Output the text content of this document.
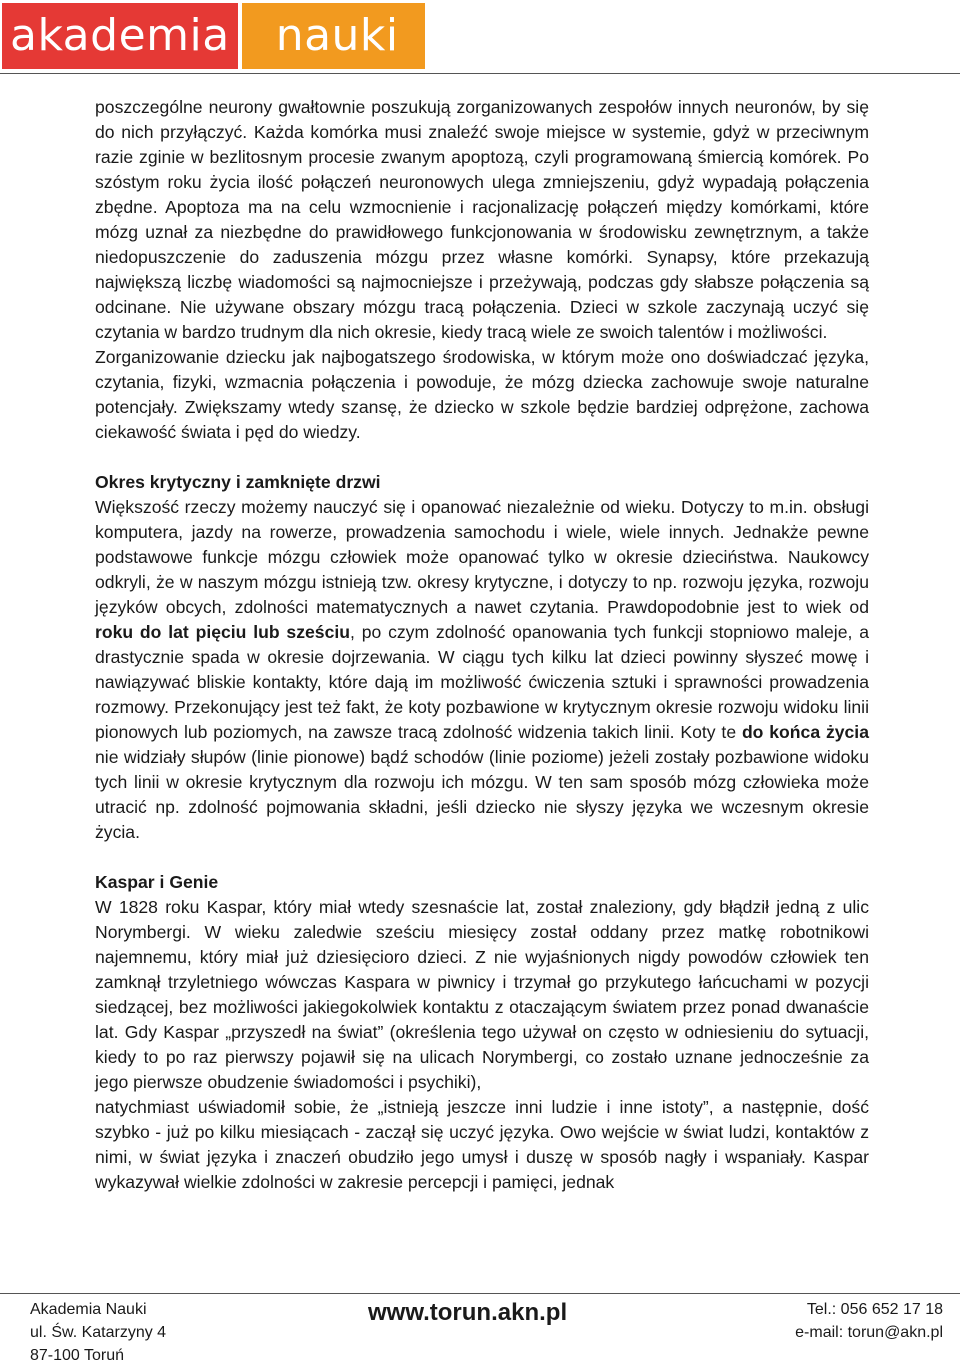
akademia	nauki

poszczególne neurony gwałtownie poszukują zorganizowanych zespołów innych neuronów, by się do nich przyłączyć. Każda komórka musi znaleźć swoje miejsce w systemie, gdyż w przeciwnym razie zginie w bezlitosnym procesie zwanym apoptozą, czyli programowaną śmiercią komórek. Po szóstym roku życia ilość połączeń neuronowych ulega zmniejszeniu, gdyż wypadają połączenia zbędne. Apoptoza ma na celu wzmocnienie i racjonalizację połączeń między komórkami, które mózg uznał za niezbędne do prawidłowego funkcjonowania w środowisku zewnętrznym, a także niedopuszczenie do zaduszenia mózgu przez własne komórki. Synapsy, które przekazują największą liczbę wiadomości są najmocniejsze i przeżywają, podczas gdy słabsze połączenia są odcinane. Nie używane obszary mózgu tracą połączenia. Dzieci w szkole zaczynają uczyć się czytania w bardzo trudnym dla nich okresie, kiedy tracą wiele ze swoich talentów i możliwości.

Zorganizowanie dziecku jak najbogatszego środowiska, w którym może ono doświadczać języka, czytania, fizyki, wzmacnia połączenia i powoduje, że mózg dziecka zachowuje swoje naturalne potencjały. Zwiększamy wtedy szansę, że dziecko w szkole będzie bardziej odprężone, zachowa ciekawość świata i pęd do wiedzy.

Okres krytyczny i zamknięte drzwi

Większość rzeczy możemy nauczyć się i opanować niezależnie od wieku. Dotyczy to m.in. obsługi komputera, jazdy na rowerze, prowadzenia samochodu i wiele, wiele innych. Jednakże pewne podstawowe funkcje mózgu człowiek może opanować tylko w okresie dzieciństwa. Naukowcy odkryli, że w naszym mózgu istnieją tzw. okresy krytyczne, i dotyczy to np. rozwoju języka, rozwoju języków obcych, zdolności matematycznych a nawet czytania. Prawdopodobnie jest to wiek od roku do lat pięciu lub sześciu, po czym zdolność opanowania tych funkcji stopniowo maleje, a drastycznie spada w okresie dojrzewania. W ciągu tych kilku lat dzieci powinny słyszeć mowę i nawiązywać bliskie kontakty, które dają im możliwość ćwiczenia sztuki i sprawności prowadzenia rozmowy. Przekonujący jest też fakt, że koty pozbawione w krytycznym okresie rozwoju widoku linii pionowych lub poziomych, na zawsze tracą zdolność widzenia takich linii. Koty te do końca życia nie widziały słupów (linie pionowe) bądź schodów (linie poziome) jeżeli zostały pozbawione widoku tych linii w okresie krytycznym dla rozwoju ich mózgu. W ten sam sposób mózg człowieka może utracić np. zdolność pojmowania składni, jeśli dziecko nie słyszy języka we wczesnym okresie życia.

Kaspar i Genie

W 1828 roku Kaspar, który miał wtedy szesnaście lat, został znaleziony, gdy błądził jedną z ulic Norymbergi. W wieku zaledwie sześciu miesięcy został oddany przez matkę robotnikowi najemnemu, który miał już dziesięcioro dzieci. Z nie wyjaśnionych nigdy powodów człowiek ten zamknął trzyletniego wówczas Kaspara w piwnicy i trzymał go przykutego łańcuchami w pozycji siedzącej, bez możliwości jakiegokolwiek kontaktu z otaczającym światem przez ponad dwanaście lat. Gdy Kaspar „przyszedł na świat” (określenia tego używał on często w odniesieniu do sytuacji, kiedy to po raz pierwszy pojawił się na ulicach Norymbergi, co zostało uznane jednocześnie za jego pierwsze obudzenie świadomości i psychiki),

natychmiast uświadomił sobie, że „istnieją jeszcze inni ludzie i inne istoty”, a następnie, dość szybko - już po kilku miesiącach - zaczął się uczyć języka. Owo wejście w świat ludzi, kontaktów z nimi, w świat języka i znaczeń obudziło jego umysł i duszę w sposób nagły i wspaniały. Kaspar wykazywał wielkie zdolności w zakresie percepcji i pamięci, jednak

Akademia Nauki
ul. Św. Katarzyny 4
87-100 Toruń
www.torun.akn.pl	Tel.: 056 652 17 18
e-mail: torun@akn.pl
